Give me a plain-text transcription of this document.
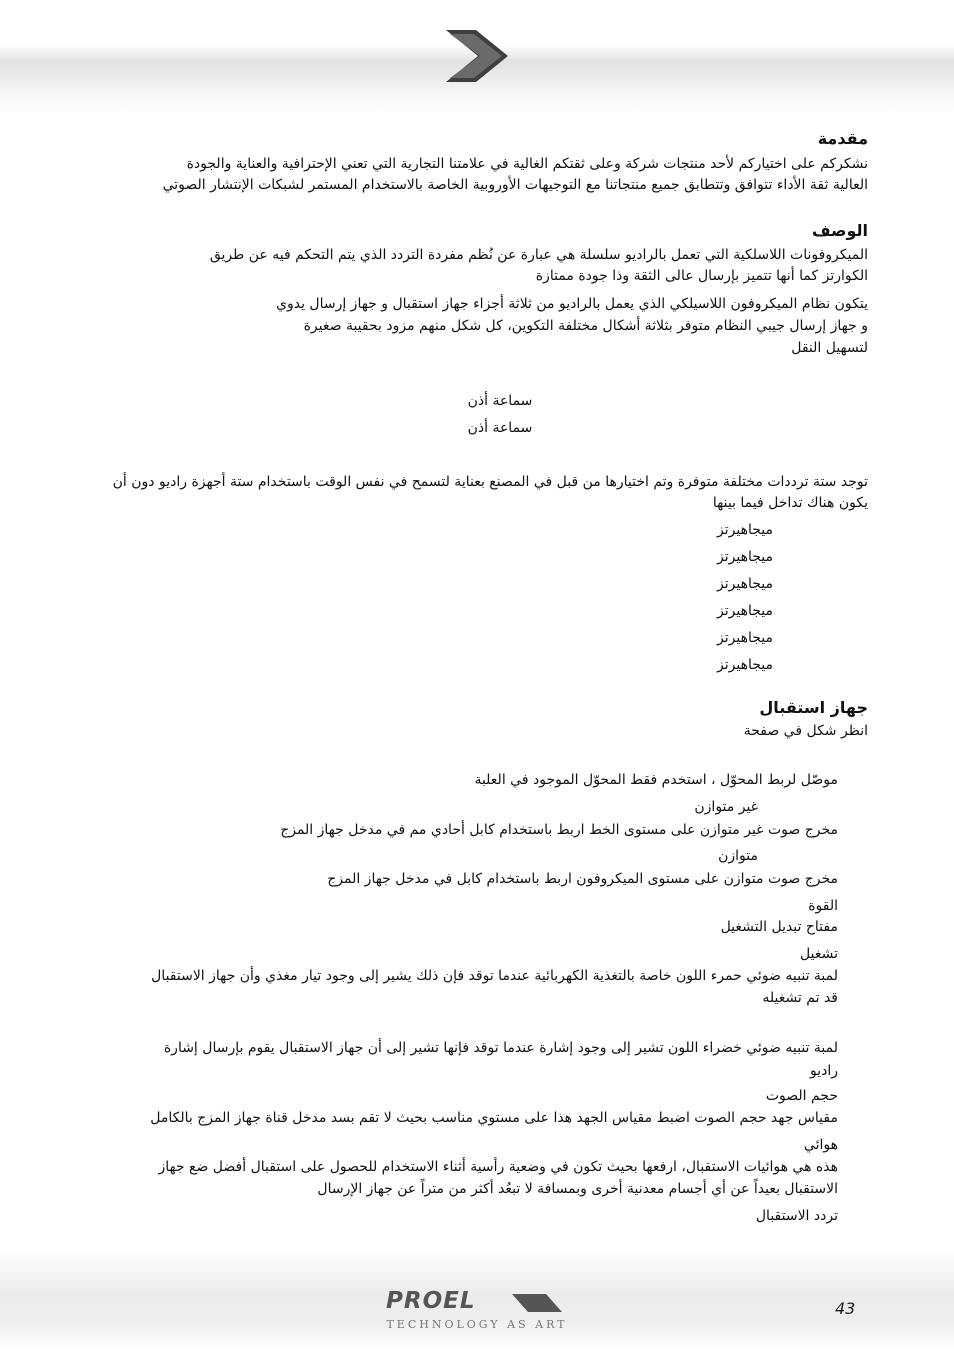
مقدمة
نشكركم على اختياركم لأحد منتجات شركة وعلى ثقتكم الغالية في علامتنا التجارية التي تعني الإحترافية والعناية والجودة
العالية ثقة الأداء تتوافق وتتطابق جميع منتجاتنا مع التوجيهات الأوروبية الخاصة بالاستخدام المستمر لشبكات الإنتشار الصوتي
الوصف
الميكروفونات اللاسلكية التي تعمل بالراديو سلسلة هي عبارة عن نُظم مفردة التردد الذي يتم التحكم فيه عن طريق
الكوارتز كما أنها تتميز بإرسال عالى الثقة وذا جودة ممتازة
يتكون نظام الميكروفون اللاسيلكي الذي يعمل بالراديو من ثلاثة أجزاء جهاز استقبال و جهاز إرسال يدوي
و جهاز إرسال جيبي النظام متوفر بثلاثة أشكال مختلفة التكوين، كل شكل منهم مزود بحقيبة صغيرة
لتسهيل النقل
سماعة أذن
سماعة أذن
توجد ستة ترددات مختلفة متوفرة وتم اختيارها من قبل في المصنع بعناية لتسمح في نفس الوقت باستخدام ستة أجهزة راديو دون أن
يكون هناك تداخل فيما بينها
ميجاهيرتز
ميجاهيرتز
ميجاهيرتز
ميجاهيرتز
ميجاهيرتز
ميجاهيرتز
جهاز استقبال
انظر شكل في صفحة
موصّل لربط المحوّل ، استخدم فقط المحوّل الموجود في العلبة
غير متوازن
مخرج صوت غير متوازن على مستوى الخط اربط باستخدام كابل أحادي مم في مدخل جهاز المزج
متوازن
مخرج صوت متوازن على مستوى الميكروفون اربط باستخدام كابل في مدخل جهاز المزج
القوة
مفتاح تبديل التشغيل
تشغيل
لمبة تنبيه ضوئي حمرء اللون خاصة بالتغذية الكهربائية عندما توقد فإن ذلك يشير إلى وجود تيار مغذي وأن جهاز الاستقبال
قد تم تشغيله
لمبة تنبيه ضوئي خضراء اللون تشير إلى وجود إشارة عندما توقد فإنها تشير إلى أن جهاز الاستقبال يقوم بإرسال إشارة
راديو
حجم الصوت
مقياس جهد حجم الصوت اضبط مقياس الجهد هذا على مستوي مناسب بحيث لا تقم بسد مدخل قناة جهاز المزج بالكامل
هوائي
هذه هي هوائيات الاستقبال، ارفعها بحيث تكون في وضعية رأسية أثناء الاستخدام للحصول على استقبال أفضل ضع جهاز
الاستقبال بعيداً عن أي أجسام معدنية أخرى وبمسافة لا تبعُد أكثر من متراً عن جهاز الإرسال
تردد الاستقبال
PROEL
TECHNOLOGY AS ART
43
